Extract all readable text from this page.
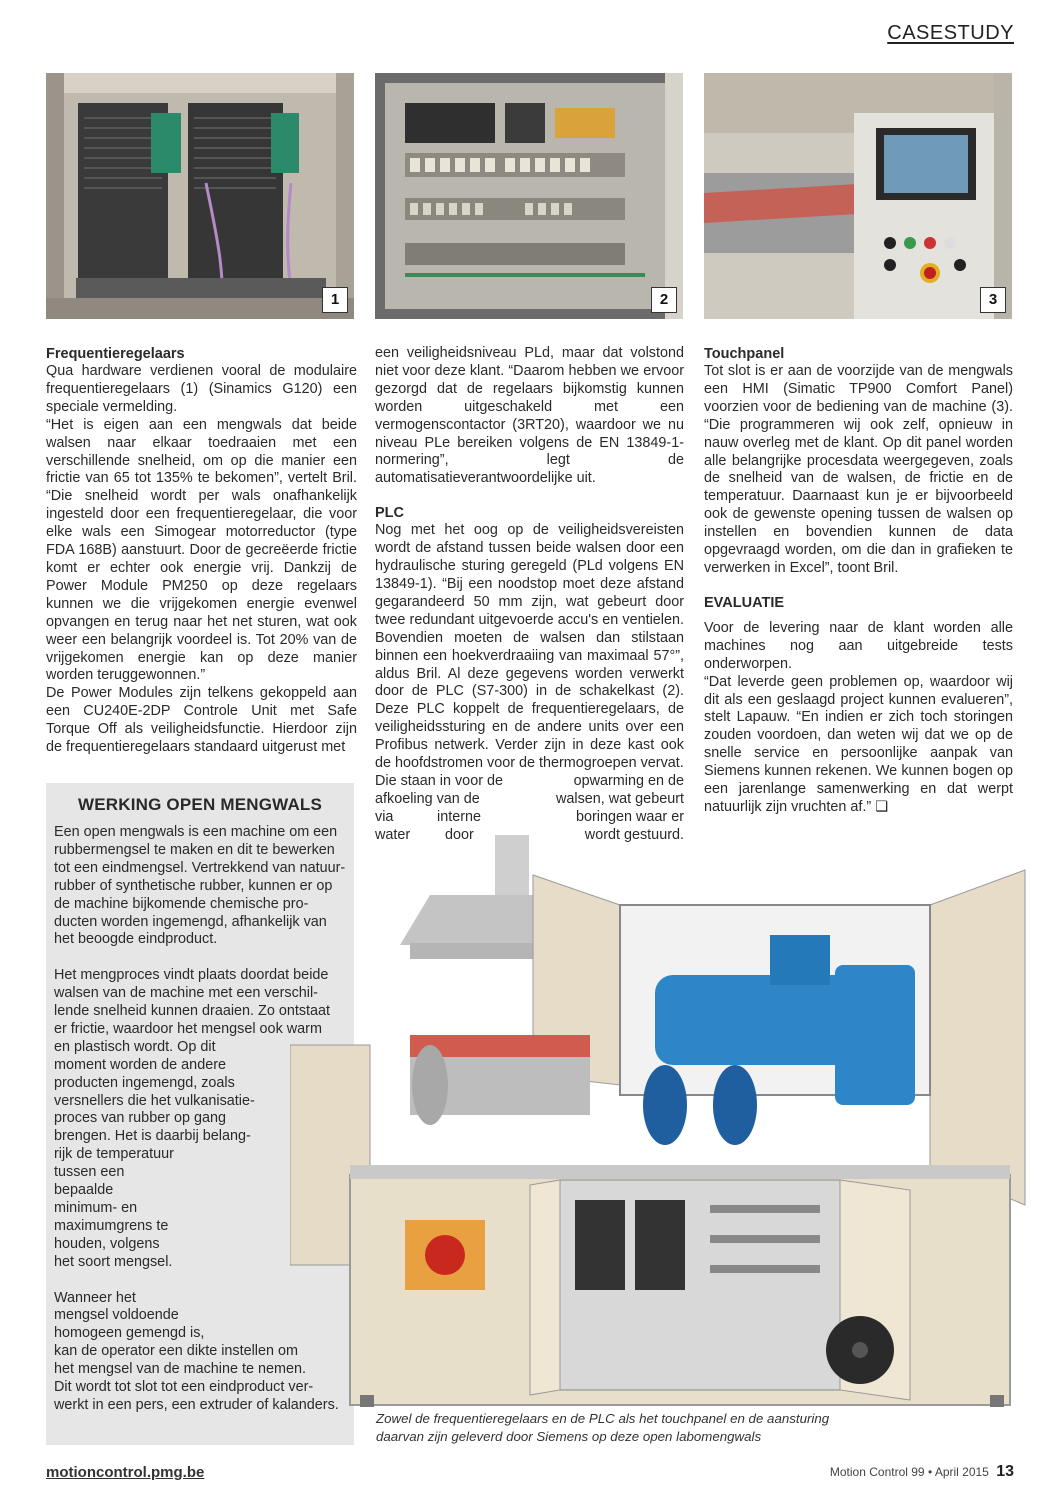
CASESTUDY
1	2	3
Frequentieregelaars

Qua hardware verdienen vooral de modulaire frequentieregelaars (1) (Sinamics G120) een speciale vermelding.

“Het is eigen aan een mengwals dat beide walsen naar elkaar toedraaien met een verschillende snelheid, om op die manier een frictie van 65 tot 135% te bekomen”, vertelt Bril. “Die snelheid wordt per wals onafhankelijk ingesteld door een frequentieregelaar, die voor elke wals een Simogear motorreductor (type FDA 168B) aanstuurt. Door de gecreëerde frictie komt er echter ook energie vrij. Dankzij de Power Module PM250 op deze regelaars kunnen we die vrijgekomen energie evenwel opvangen en terug naar het net sturen, wat ook weer een belangrijk voordeel is. Tot 20% van de vrijgekomen energie kan op deze manier worden teruggewonnen.”

De Power Modules zijn telkens gekoppeld aan een CU240E-2DP Controle Unit met Safe Torque Off als veiligheidsfunctie. Hierdoor zijn de frequentieregelaars standaard uitgerust met

een veiligheidsniveau PLd, maar dat volstond niet voor deze klant. “Daarom hebben we ervoor gezorgd dat de regelaars bijkomstig kunnen worden uitgeschakeld met een vermogenscontactor (3RT20), waardoor we nu niveau PLe bereiken volgens de EN 13849-1-normering”, legt de automatisatieverantwoordelijke uit.

PLC

Nog met het oog op de veiligheidsvereisten wordt de afstand tussen beide walsen door een hydraulische sturing geregeld (PLd volgens EN 13849-1). “Bij een noodstop moet deze afstand gegarandeerd 50 mm zijn, wat gebeurt door twee redundant uitgevoerde accu's en ventielen. Bovendien moeten de walsen dan stilstaan binnen een hoekverdraaiing van maximaal 57°”, aldus Bril. Al deze gegevens worden verwerkt door de PLC (S7-300) in de schakelkast (2). Deze PLC koppelt de frequentieregelaars, de veiligheidssturing en de andere units over een Profibus netwerk. Verder zijn in deze kast ook de hoofdstromen voor de thermogroepen vervat.

Die staan in voor de	opwarming en de
afkoeling van de	walsen, wat gebeurt
via	interne	boringen waar er
water door	wordt gestuurd.
Touchpanel

Tot slot is er aan de voorzijde van de mengwals een HMI (Simatic TP900 Comfort Panel) voorzien voor de bediening van de machine (3). “Die programmeren wij ook zelf, opnieuw in nauw overleg met de klant. Op dit panel worden alle belangrijke procesdata weergegeven, zoals de snelheid van de walsen, de frictie en de temperatuur. Daarnaast kun je er bijvoorbeeld ook de gewenste opening tussen de walsen op instellen en bovendien kunnen de data opgevraagd worden, om die dan in grafieken te verwerken in Excel”, toont Bril.

EVALUATIE

Voor de levering naar de klant worden alle machines nog aan uitgebreide tests onderworpen.

“Dat leverde geen problemen op, waardoor wij dit als een geslaagd project kunnen evalueren”, stelt Lapauw. “En indien er zich toch storingen zouden voordoen, dan weten wij dat we op de snelle service en persoonlijke aanpak van Siemens kunnen rekenen. We kunnen bogen op een jarenlange samenwerking en dat werpt natuurlijk zijn vruchten af.” ❏

WERKING OPEN MENGWALS
Een open mengwals is een machine om een
rubbermengsel te maken en dit te bewerken
tot een eindmengsel. Vertrekkend van natuur-
rubber of synthetische rubber, kunnen er op
de machine bijkomende chemische pro-
ducten worden ingemengd, afhankelijk van
het beoogde eindproduct.
Het mengproces vindt plaats doordat beide
walsen van de machine met een verschil-
lende snelheid kunnen draaien. Zo ontstaat
er frictie, waardoor het mengsel ook warm
en plastisch wordt. Op dit
moment worden de andere
producten ingemengd, zoals
versnellers die het vulkanisatie-
proces van rubber op gang
brengen. Het is daarbij belang-
rijk de temperatuur
tussen een
bepaalde
minimum- en
maximumgrens te
houden, volgens
het soort mengsel.
Wanneer het
mengsel voldoende
homogeen gemengd is,
kan de operator een dikte instellen om
het mengsel van de machine te nemen.
Dit wordt tot slot tot een eindproduct ver-
werkt in een pers, een extruder of kalanders.
Zowel de frequentieregelaars en de PLC als het touchpanel en de aansturing
daarvan zijn geleverd door Siemens op deze open labomengwals
motioncontrol.pmg.be	Motion Control 99 • April 2015 13
